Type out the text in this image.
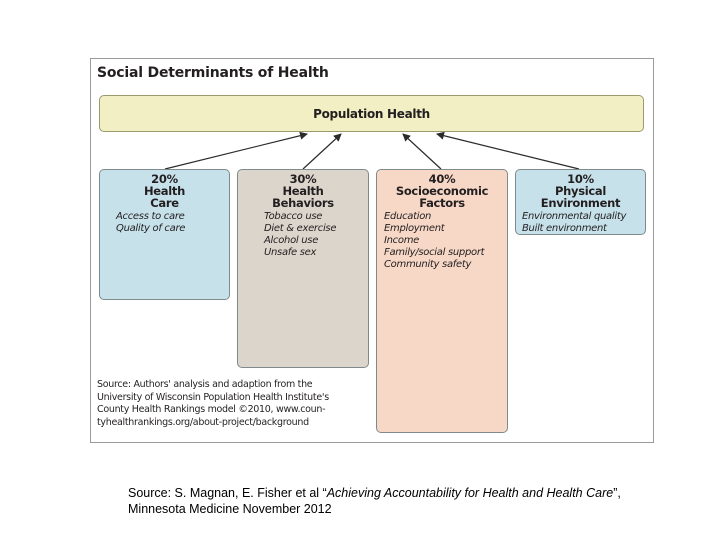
Social Determinants of Health
Population Health
20%
Health
Care
Access to care
Quality of care
30%
Health
Behaviors
Tobacco use
Diet & exercise
Alcohol use
Unsafe sex
40%
Socioeconomic
Factors
Education
Employment
Income
Family/social support
Community safety
10%
Physical
Environment
Environmental quality
Built environment
Source: Authors' analysis and adaption from the
University of Wisconsin Population Health Institute's
County Health Rankings model ©2010, www.coun-
tyhealthrankings.org/about-project/background
Source: S. Magnan, E. Fisher et al “Achieving Accountability for Health and Health Care”, Minnesota Medicine November 2012
